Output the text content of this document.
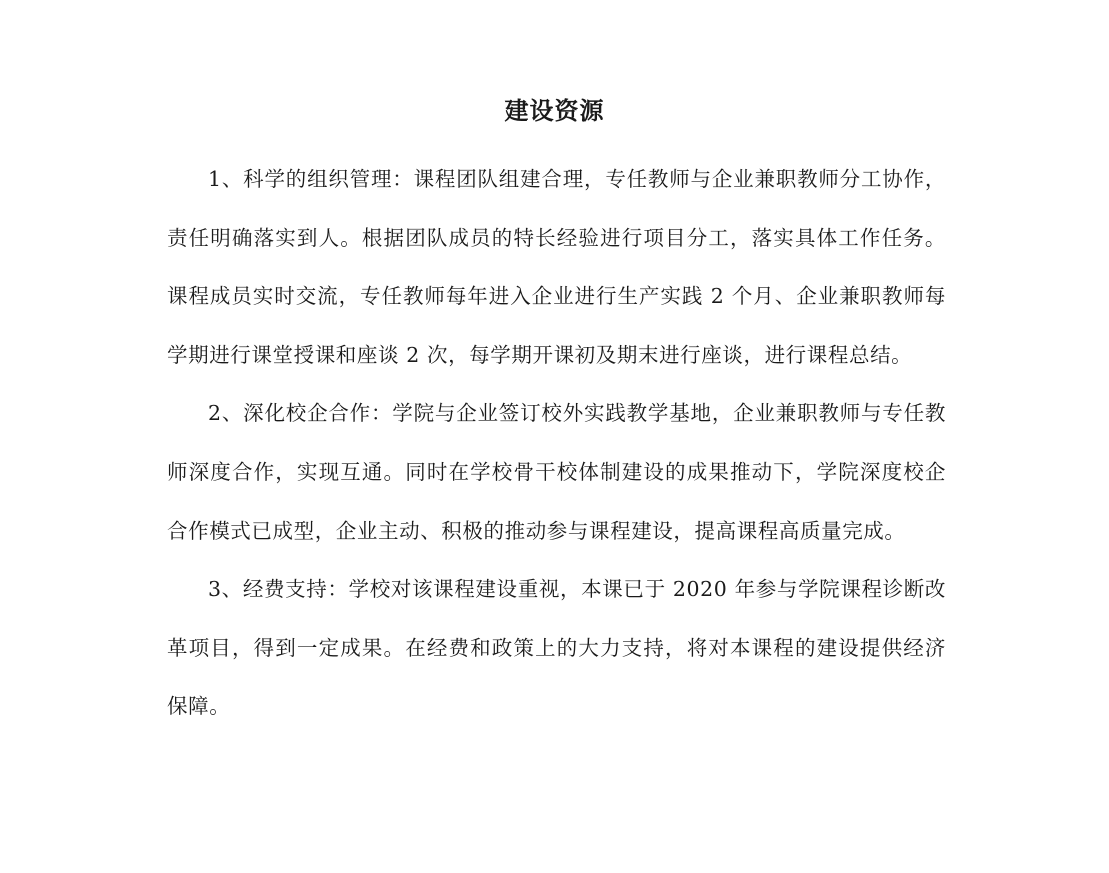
建设资源

1、科学的组织管理：课程团队组建合理，专任教师与企业兼职教师分工协作，责任明确落实到人。根据团队成员的特长经验进行项目分工，落实具体工作任务。课程成员实时交流，专任教师每年进入企业进行生产实践 2 个月、企业兼职教师每学期进行课堂授课和座谈 2 次，每学期开课初及期末进行座谈，进行课程总结。

2、深化校企合作：学院与企业签订校外实践教学基地，企业兼职教师与专任教师深度合作，实现互通。同时在学校骨干校体制建设的成果推动下，学院深度校企合作模式已成型，企业主动、积极的推动参与课程建设，提高课程高质量完成。

3、经费支持：学校对该课程建设重视，本课已于 2020 年参与学院课程诊断改革项目，得到一定成果。在经费和政策上的大力支持，将对本课程的建设提供经济保障。
